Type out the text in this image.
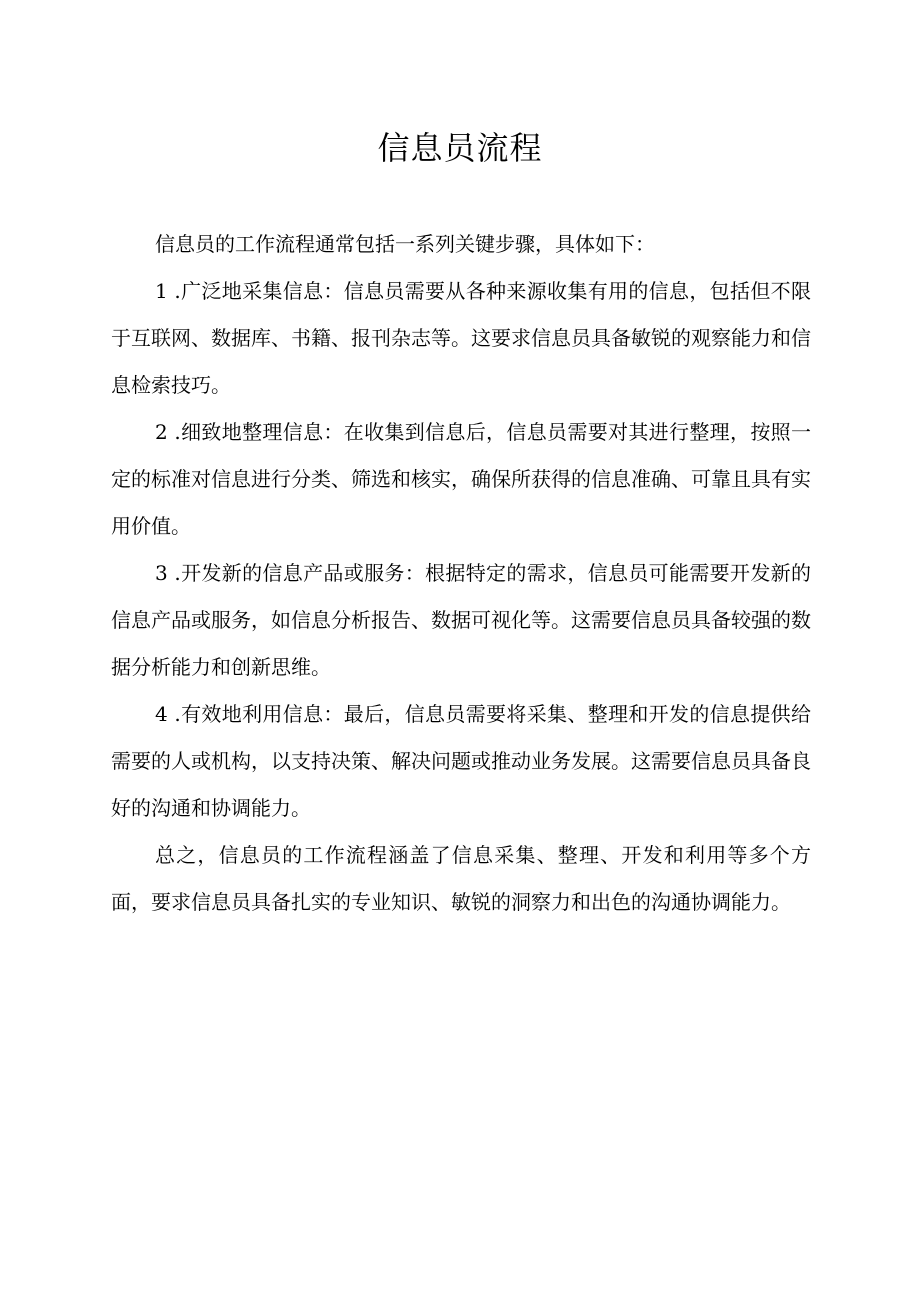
信息员流程

信息员的工作流程通常包括一系列关键步骤，具体如下：

1 .广泛地采集信息：信息员需要从各种来源收集有用的信息，包括但不限于互联网、数据库、书籍、报刊杂志等。这要求信息员具备敏锐的观察能力和信息检索技巧。

2 .细致地整理信息：在收集到信息后，信息员需要对其进行整理，按照一定的标准对信息进行分类、筛选和核实，确保所获得的信息准确、可靠且具有实用价值。

3 .开发新的信息产品或服务：根据特定的需求，信息员可能需要开发新的信息产品或服务，如信息分析报告、数据可视化等。这需要信息员具备较强的数据分析能力和创新思维。

4 .有效地利用信息：最后，信息员需要将采集、整理和开发的信息提供给需要的人或机构，以支持决策、解决问题或推动业务发展。这需要信息员具备良好的沟通和协调能力。

总之，信息员的工作流程涵盖了信息采集、整理、开发和利用等多个方面，要求信息员具备扎实的专业知识、敏锐的洞察力和出色的沟通协调能力。
